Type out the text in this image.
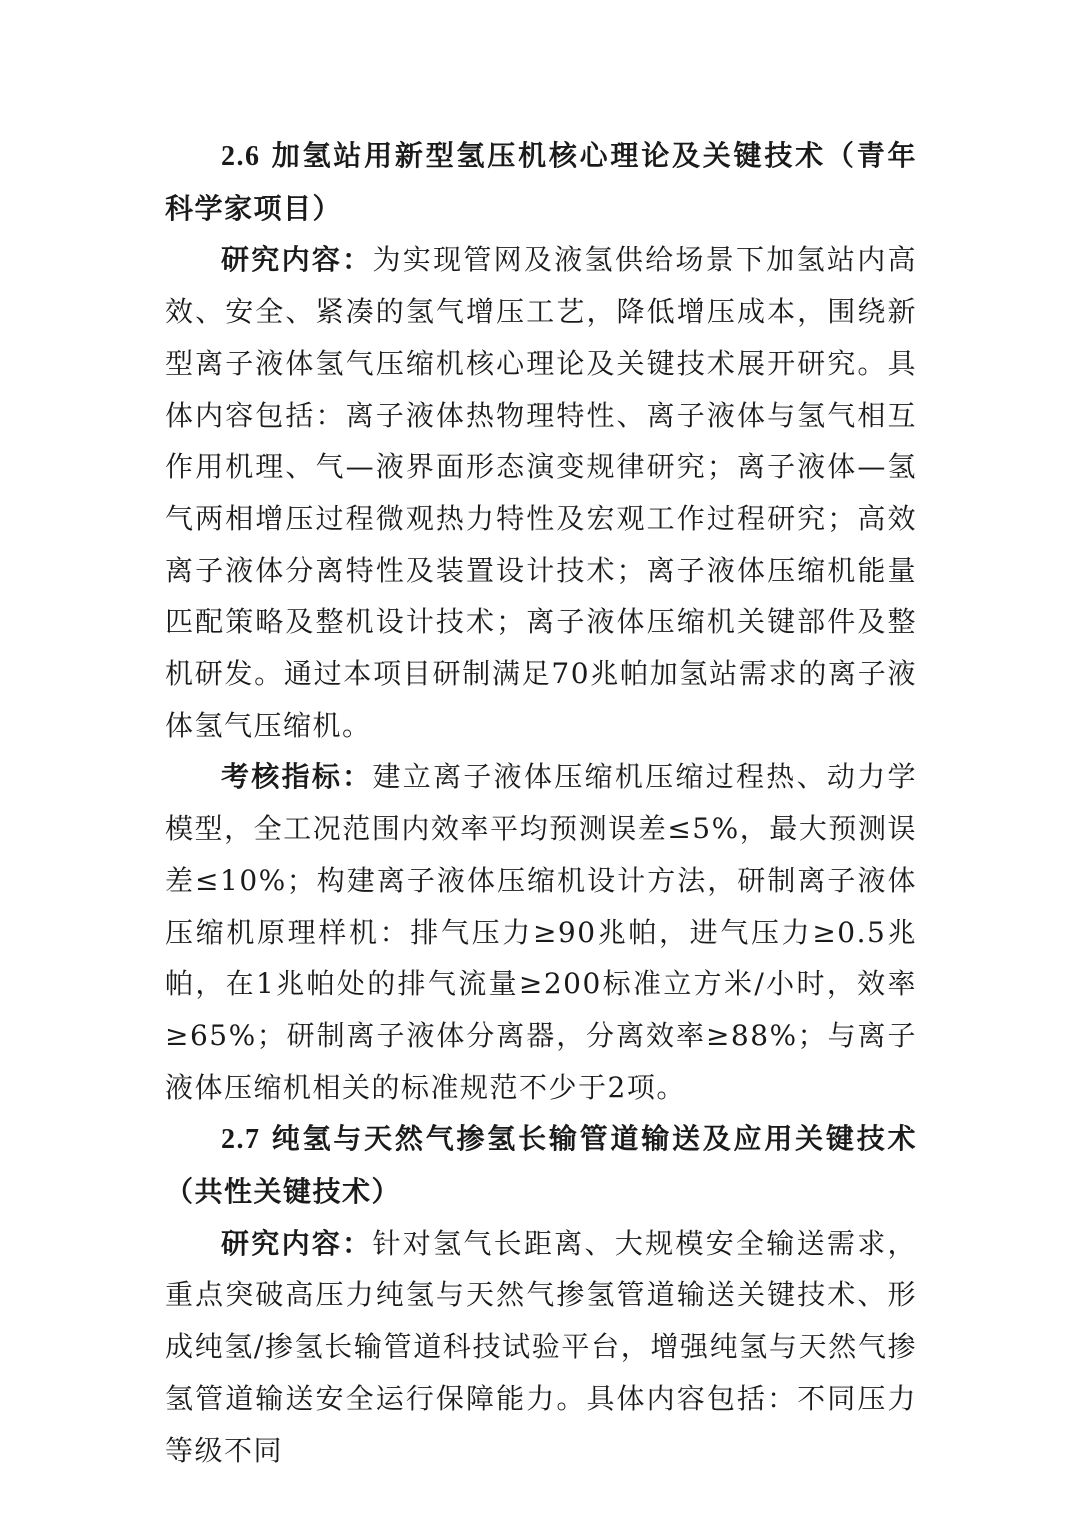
2.6 加氢站用新型氢压机核心理论及关键技术（青年科学家项目）

研究内容：为实现管网及液氢供给场景下加氢站内高效、安全、紧凑的氢气增压工艺，降低增压成本，围绕新型离子液体氢气压缩机核心理论及关键技术展开研究。具体内容包括：离子液体热物理特性、离子液体与氢气相互作用机理、气—液界面形态演变规律研究；离子液体—氢气两相增压过程微观热力特性及宏观工作过程研究；高效离子液体分离特性及装置设计技术；离子液体压缩机能量匹配策略及整机设计技术；离子液体压缩机关键部件及整机研发。通过本项目研制满足70兆帕加氢站需求的离子液体氢气压缩机。

考核指标：建立离子液体压缩机压缩过程热、动力学模型，全工况范围内效率平均预测误差≤5%，最大预测误差≤10%；构建离子液体压缩机设计方法，研制离子液体压缩机原理样机：排气压力≥90兆帕，进气压力≥0.5兆帕，在1兆帕处的排气流量≥200标准立方米/小时，效率≥65%；研制离子液体分离器，分离效率≥88%；与离子液体压缩机相关的标准规范不少于2项。

2.7 纯氢与天然气掺氢长输管道输送及应用关键技术（共性关键技术）

研究内容：针对氢气长距离、大规模安全输送需求，重点突破高压力纯氢与天然气掺氢管道输送关键技术、形成纯氢/掺氢长输管道科技试验平台，增强纯氢与天然气掺氢管道输送安全运行保障能力。具体内容包括：不同压力等级不同
